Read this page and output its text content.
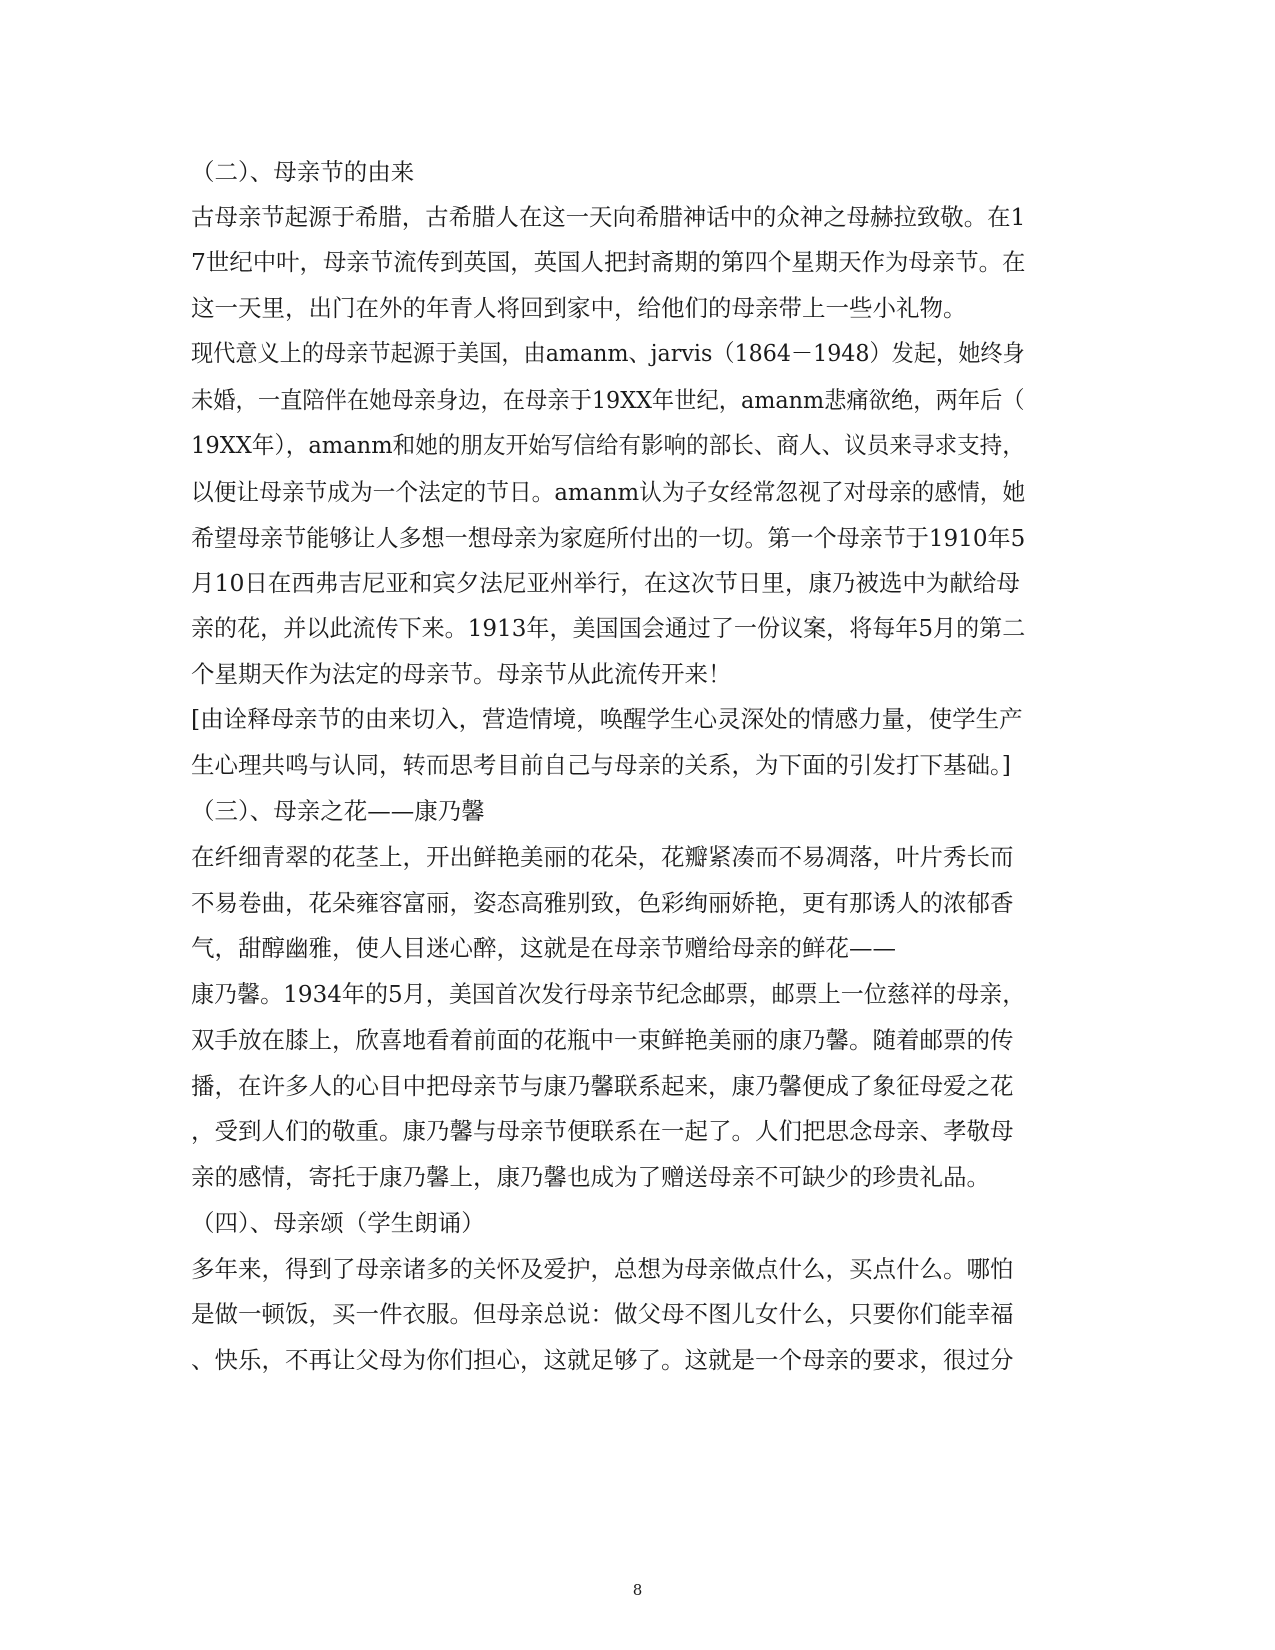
（二）、母亲节的由来
古母亲节起源于希腊，古希腊人在这一天向希腊神话中的众神之母赫拉致敬。在1
7世纪中叶，母亲节流传到英国，英国人把封斋期的第四个星期天作为母亲节。在
这一天里，出门在外的年青人将回到家中，给他们的母亲带上一些小礼物。
现代意义上的母亲节起源于美国，由amanm、jarvis（1864－1948）发起，她终身
未婚，一直陪伴在她母亲身边，在母亲于19XX年世纪，amanm悲痛欲绝，两年后（
19XX年），amanm和她的朋友开始写信给有影响的部长、商人、议员来寻求支持，
以便让母亲节成为一个法定的节日。amanm认为子女经常忽视了对母亲的感情，她
希望母亲节能够让人多想一想母亲为家庭所付出的一切。第一个母亲节于1910年5
月10日在西弗吉尼亚和宾夕法尼亚州举行，在这次节日里，康乃被选中为献给母
亲的花，并以此流传下来。1913年，美国国会通过了一份议案，将每年5月的第二
个星期天作为法定的母亲节。母亲节从此流传开来！
[由诠释母亲节的由来切入，营造情境，唤醒学生心灵深处的情感力量，使学生产
生心理共鸣与认同，转而思考目前自己与母亲的关系，为下面的引发打下基础。]
（三）、母亲之花——康乃馨
在纤细青翠的花茎上，开出鲜艳美丽的花朵，花瓣紧凑而不易凋落，叶片秀长而
不易卷曲，花朵雍容富丽，姿态高雅别致，色彩绚丽娇艳，更有那诱人的浓郁香
气，甜醇幽雅，使人目迷心醉，这就是在母亲节赠给母亲的鲜花——
康乃馨。1934年的5月，美国首次发行母亲节纪念邮票，邮票上一位慈祥的母亲，
双手放在膝上，欣喜地看着前面的花瓶中一束鲜艳美丽的康乃馨。随着邮票的传
播，在许多人的心目中把母亲节与康乃馨联系起来，康乃馨便成了象征母爱之花
，受到人们的敬重。康乃馨与母亲节便联系在一起了。人们把思念母亲、孝敬母
亲的感情，寄托于康乃馨上，康乃馨也成为了赠送母亲不可缺少的珍贵礼品。
（四）、母亲颂（学生朗诵）
多年来，得到了母亲诸多的关怀及爱护，总想为母亲做点什么，买点什么。哪怕
是做一顿饭，买一件衣服。但母亲总说：做父母不图儿女什么，只要你们能幸福
、快乐，不再让父母为你们担心，这就足够了。这就是一个母亲的要求，很过分
8
